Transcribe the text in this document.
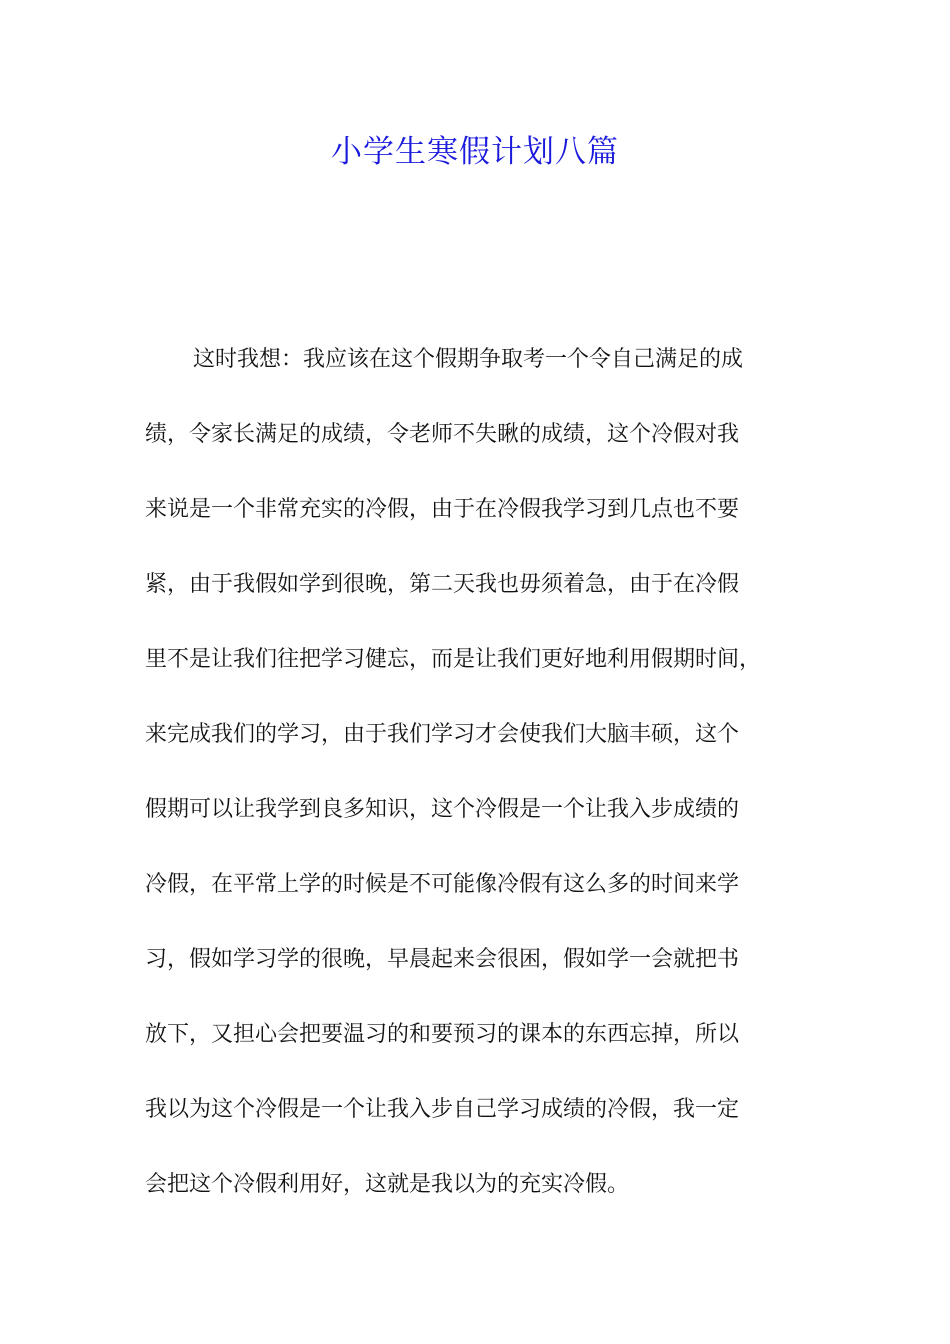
小学生寒假计划八篇
这时我想：我应该在这个假期争取考一个令自己满足的成
绩，令家长满足的成绩，令老师不失瞅的成绩，这个冷假对我
来说是一个非常充实的冷假，由于在冷假我学习到几点也不要
紧，由于我假如学到很晚，第二天我也毋须着急，由于在冷假
里不是让我们往把学习健忘，而是让我们更好地利用假期时间，
来完成我们的学习，由于我们学习才会使我们大脑丰硕，这个
假期可以让我学到良多知识，这个冷假是一个让我入步成绩的
冷假，在平常上学的时候是不可能像冷假有这么多的时间来学
习，假如学习学的很晚，早晨起来会很困，假如学一会就把书
放下，又担心会把要温习的和要预习的课本的东西忘掉，所以
我以为这个冷假是一个让我入步自己学习成绩的冷假，我一定
会把这个冷假利用好，这就是我以为的充实冷假。
